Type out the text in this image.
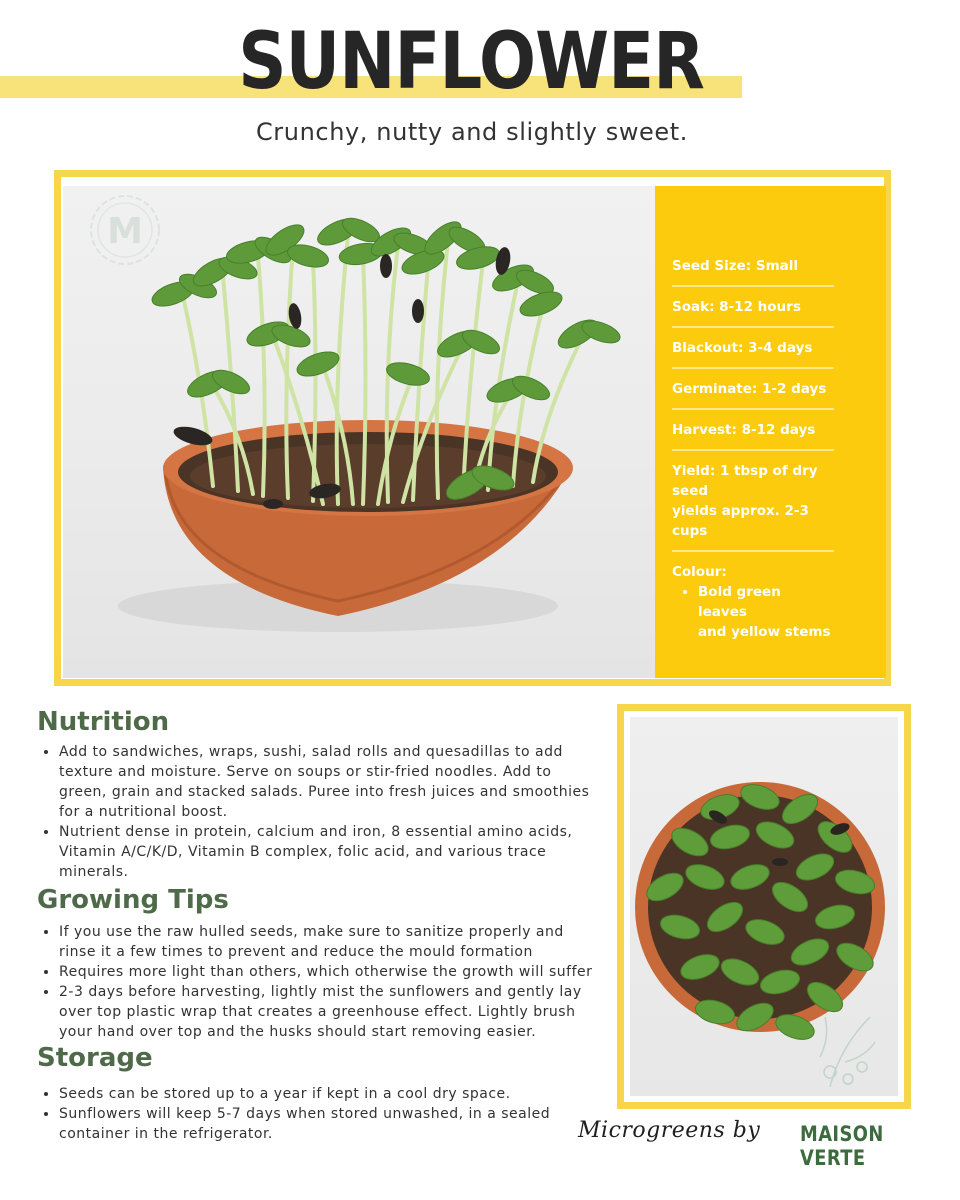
SUNFLOWER
Crunchy, nutty and slightly sweet.
M
Seed Size: Small
Soak: 8-12 hours
Blackout: 3-4 days
Germinate: 1-2 days
Harvest: 8-12 days
Yield: 1 tbsp of dry seed
yields approx. 2-3 cups
Colour:
• Bold green leaves
and yellow stems
Nutrition
• Add to sandwiches, wraps, sushi, salad rolls and quesadillas to add texture and moisture. Serve on soups or stir-fried noodles. Add to green, grain and stacked salads. Puree into fresh juices and smoothies for a nutritional boost.
• Nutrient dense in protein, calcium and iron, 8 essential amino acids, Vitamin A/C/K/D, Vitamin B complex, folic acid, and various trace minerals.
Growing Tips
• If you use the raw hulled seeds, make sure to sanitize properly and rinse it a few times to prevent and reduce the mould formation
• Requires more light than others, which otherwise the growth will suffer
• 2-3 days before harvesting, lightly mist the sunflowers and gently lay over top plastic wrap that creates a greenhouse effect. Lightly brush your hand over top and the husks should start removing easier.
Storage
• Seeds can be stored up to a year if kept in a cool dry space.
• Sunflowers will keep 5-7 days when stored unwashed, in a sealed container in the refrigerator.	Microgreens by MAISON VERTE
